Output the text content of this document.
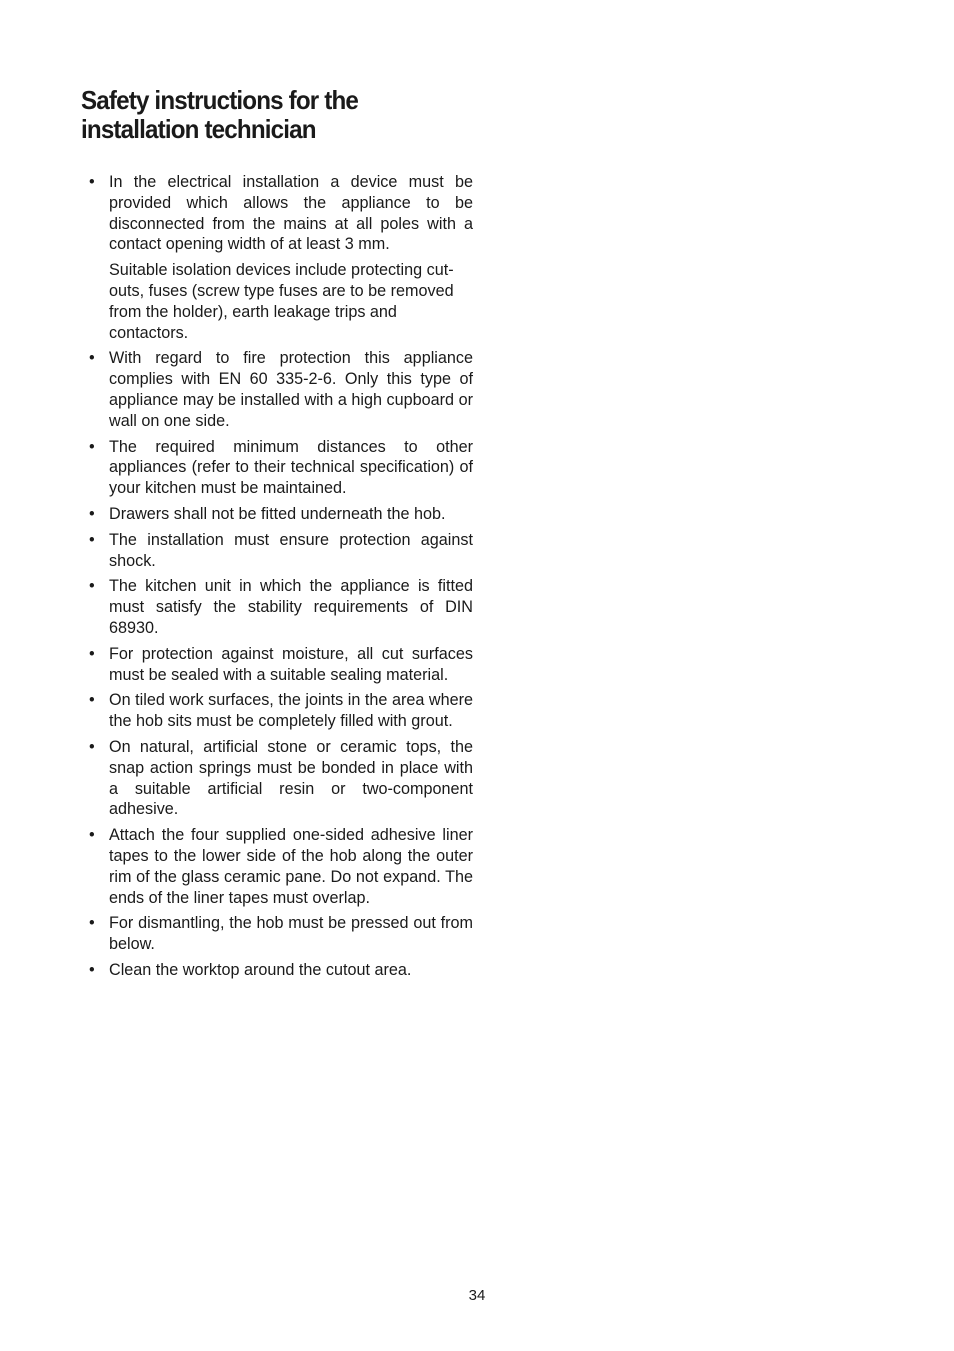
Safety instructions for the
installation technician
• In the electrical installation a device must be provided which allows the appliance to be disconnected from the mains at all poles with a contact opening width of at least 3 mm.

Suitable isolation devices include protecting cut-outs, fuses (screw type fuses are to be removed from the holder), earth leakage trips and contactors.

• With regard to fire protection this appliance complies with EN 60 335-2-6. Only this type of appliance may be installed with a high cupboard or wall on one side.

• The required minimum distances to other appliances (refer to their technical specification) of your kitchen must be maintained.

• Drawers shall not be fitted underneath the hob.

• The installation must ensure protection against shock.

• The kitchen unit in which the appliance is fitted must satisfy the stability requirements of DIN 68930.

• For protection against moisture, all cut surfaces must be sealed with a suitable sealing material.

• On tiled work surfaces, the joints in the area where the hob sits must be completely filled with grout.

• On natural, artificial stone or ceramic tops, the snap action springs must be bonded in place with a suitable artificial resin or two-component adhesive.

• Attach the four supplied one-sided adhesive liner tapes to the lower side of the hob along the outer rim of the glass ceramic pane. Do not expand. The ends of the liner tapes must overlap.

• For dismantling, the hob must be pressed out from below.

• Clean the worktop around the cutout area.

34
